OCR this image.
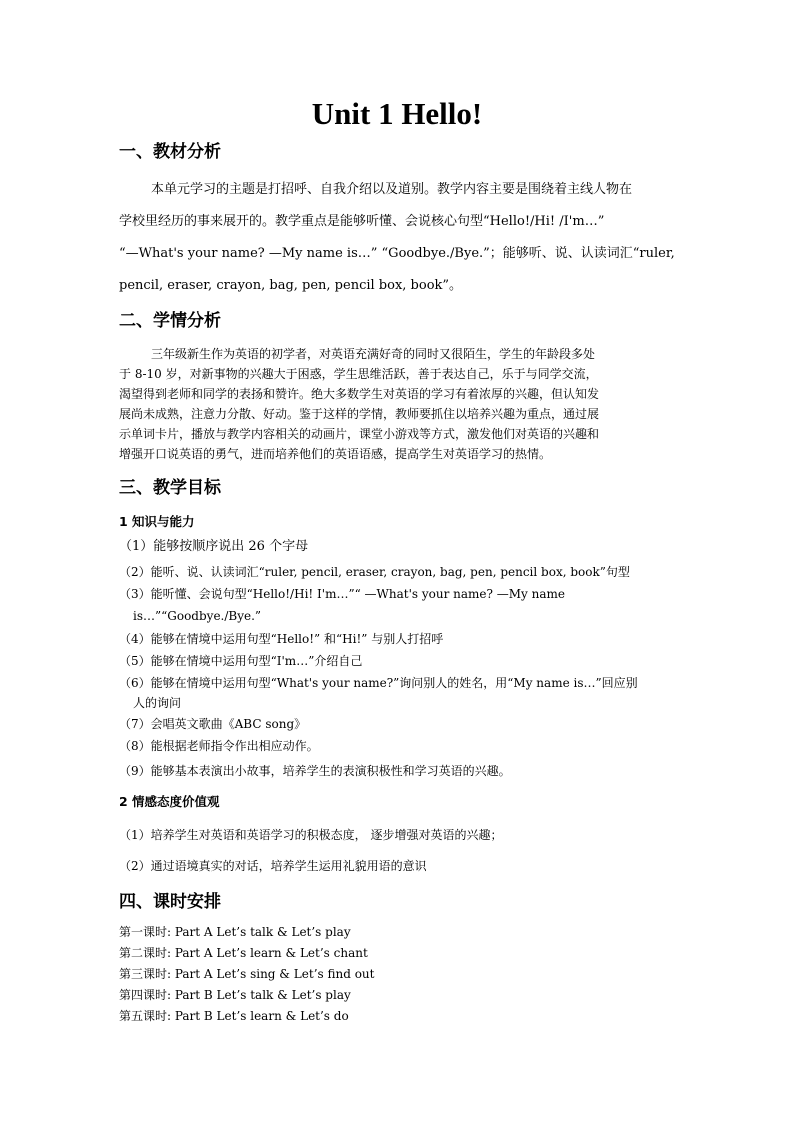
Unit 1 Hello!
一、教材分析
本单元学习的主题是打招呼、自我介绍以及道别。教学内容主要是围绕着主线人物在
学校里经历的事来展开的。教学重点是能够听懂、会说核心句型“Hello!/Hi! /I'm…”
“—What's your name? —My name is…” “Goodbye./Bye.”；能够听、说、认读词汇“ruler,
pencil, eraser, crayon, bag, pen, pencil box, book”。
二、学情分析
三年级新生作为英语的初学者，对英语充满好奇的同时又很陌生，学生的年龄段多处
于 8-10 岁，对新事物的兴趣大于困惑，学生思维活跃，善于表达自己，乐于与同学交流，
渴望得到老师和同学的表扬和赞许。绝大多数学生对英语的学习有着浓厚的兴趣，但认知发
展尚未成熟，注意力分散、好动。鉴于这样的学情，教师要抓住以培养兴趣为重点，通过展
示单词卡片，播放与教学内容相关的动画片，课堂小游戏等方式，激发他们对英语的兴趣和
增强开口说英语的勇气，进而培养他们的英语语感，提高学生对英语学习的热情。
三、教学目标
1 知识与能力
（1）能够按顺序说出 26 个字母
（2）能听、说、认读词汇“ruler, pencil, eraser, crayon, bag, pen, pencil box, book”句型
（3）能听懂、会说句型“Hello!/Hi! I'm…”“ —What's your name? —My name
is…”“Goodbye./Bye.”
（4）能够在情境中运用句型“Hello!” 和“Hi!” 与别人打招呼
（5）能够在情境中运用句型“I'm…”介绍自己
（6）能够在情境中运用句型“What's your name?”询问别人的姓名，用“My name is…”回应别
人的询问
（7）会唱英文歌曲《ABC song》
（8）能根据老师指令作出相应动作。
（9）能够基本表演出小故事，培养学生的表演积极性和学习英语的兴趣。
2 情感态度价值观
（1）培养学生对英语和英语学习的积极态度， 逐步增强对英语的兴趣；
（2）通过语境真实的对话，培养学生运用礼貌用语的意识
四、课时安排
第一课时: Part A Let’s talk & Let’s play
第二课时: Part A Let’s learn & Let’s chant
第三课时: Part A Let’s sing & Let’s find out
第四课时: Part B Let’s talk & Let’s play
第五课时: Part B Let’s learn & Let’s do
